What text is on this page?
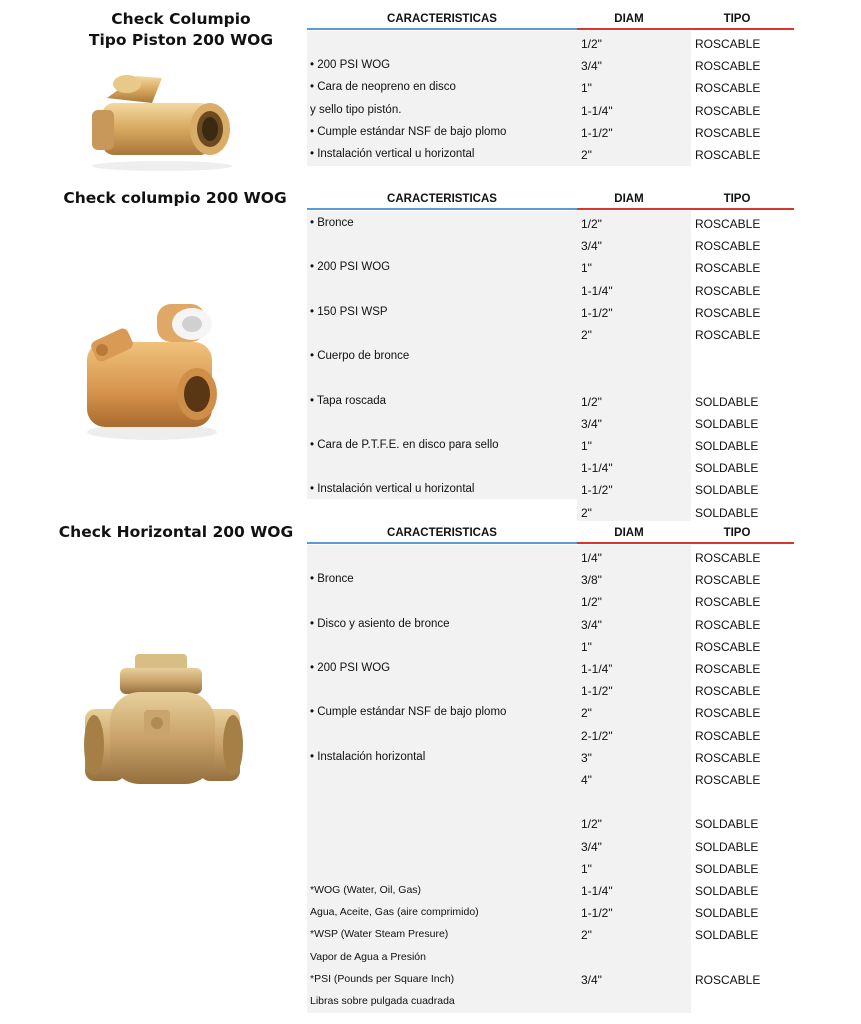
Check Columpio
Tipo Piston 200 WOG
Check columpio 200 WOG
Check Horizontal 200 WOG
CARACTERISTICAS	DIAM	TIPO
CARACTERISTICAS	DIAM	TIPO
CARACTERISTICAS	DIAM	TIPO
1/2"	ROSCABLE
• 200 PSI WOG	3/4"	ROSCABLE
• Cara de neopreno en disco	1"	ROSCABLE
y sello tipo pistón.	1-1/4"	ROSCABLE
• Cumple estándar NSF de bajo plomo	1-1/2"	ROSCABLE
• Instalación vertical u horizontal	2"	ROSCABLE
• Bronce	1/2"	ROSCABLE
3/4"	ROSCABLE
• 200 PSI WOG	1"	ROSCABLE
1-1/4"	ROSCABLE
• 150 PSI WSP	1-1/2"	ROSCABLE
2"	ROSCABLE
• Cuerpo de bronce
• Tapa roscada	1/2"	SOLDABLE
3/4"	SOLDABLE
• Cara de P.T.F.E. en disco para sello	1"	SOLDABLE
1-1/4"	SOLDABLE
• Instalación vertical u horizontal	1-1/2"	SOLDABLE
2"	SOLDABLE
1/4"	ROSCABLE
• Bronce	3/8"	ROSCABLE
1/2"	ROSCABLE
• Disco y asiento de bronce	3/4"	ROSCABLE
1"	ROSCABLE
• 200 PSI WOG	1-1/4”	ROSCABLE
1-1/2"	ROSCABLE
• Cumple estándar NSF de bajo plomo	2"	ROSCABLE
2-1/2"	ROSCABLE
• Instalación horizontal	3"	ROSCABLE
4"	ROSCABLE
1/2"	SOLDABLE
3/4"	SOLDABLE
1"	SOLDABLE
*WOG (Water, Oil, Gas)	1-1/4"	SOLDABLE
Agua, Aceite, Gas (aire comprimido)	1-1/2"	SOLDABLE
*WSP (Water Steam Presure)	2"	SOLDABLE
Vapor de Agua a Presión
*PSI (Pounds per Square Inch)	3/4"	ROSCABLE
Libras sobre pulgada cuadrada
